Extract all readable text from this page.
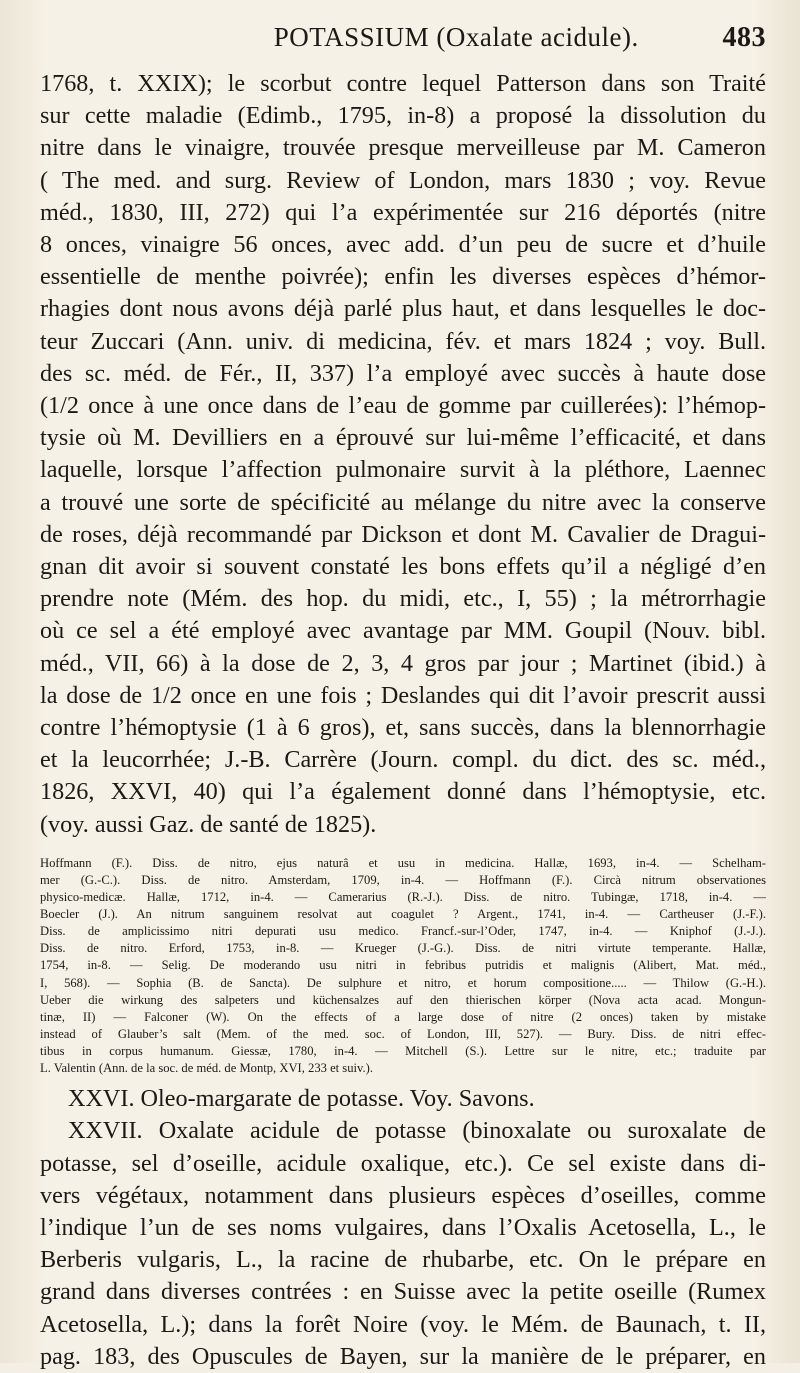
POTASSIUM (Oxalate acidule).	483
1768, t. XXIX); le scorbut contre lequel Patterson dans son Traité
sur cette maladie (Edimb., 1795, in-8) a proposé la dissolution du
nitre dans le vinaigre, trouvée presque merveilleuse par M. Cameron
( The med. and surg. Review of London, mars 1830 ; voy. Revue
méd., 1830, III, 272) qui l’a expérimentée sur 216 déportés (nitre
8 onces, vinaigre 56 onces, avec add. d’un peu de sucre et d’huile
essentielle de menthe poivrée); enfin les diverses espèces d’hémor-
rhagies dont nous avons déjà parlé plus haut, et dans lesquelles le doc-
teur Zuccari (Ann. univ. di medicina, fév. et mars 1824 ; voy. Bull.
des sc. méd. de Fér., II, 337) l’a employé avec succès à haute dose
(1/2 once à une once dans de l’eau de gomme par cuillerées): l’hémop-
tysie où M. Devilliers en a éprouvé sur lui-même l’efficacité, et dans
laquelle, lorsque l’affection pulmonaire survit à la pléthore, Laennec
a trouvé une sorte de spécificité au mélange du nitre avec la conserve
de roses, déjà recommandé par Dickson et dont M. Cavalier de Dragui-
gnan dit avoir si souvent constaté les bons effets qu’il a négligé d’en
prendre note (Mém. des hop. du midi, etc., I, 55) ; la métrorrhagie
où ce sel a été employé avec avantage par MM. Goupil (Nouv. bibl.
méd., VII, 66) à la dose de 2, 3, 4 gros par jour ; Martinet (ibid.) à
la dose de 1/2 once en une fois ; Deslandes qui dit l’avoir prescrit aussi
contre l’hémoptysie (1 à 6 gros), et, sans succès, dans la blennorrhagie
et la leucorrhée; J.-B. Carrère (Journ. compl. du dict. des sc. méd.,
1826, XXVI, 40) qui l’a également donné dans l’hémoptysie, etc.
(voy. aussi Gaz. de santé de 1825).
Hoffmann (F.). Diss. de nitro, ejus naturâ et usu in medicina. Hallæ, 1693, in-4. — Schelham-
mer (G.-C.). Diss. de nitro. Amsterdam, 1709, in-4. — Hoffmann (F.). Circà nitrum observationes
physico-medicæ. Hallæ, 1712, in-4. — Camerarius (R.-J.). Diss. de nitro. Tubingæ, 1718, in-4. —
Boecler (J.). An nitrum sanguinem resolvat aut coagulet ? Argent., 1741, in-4. — Cartheuser (J.-F.).
Diss. de amplicissimo nitri depurati usu medico. Francf.-sur-l’Oder, 1747, in-4. — Kniphof (J.-J.).
Diss. de nitro. Erford, 1753, in-8. — Krueger (J.-G.). Diss. de nitri virtute temperante. Hallæ,
1754, in-8. — Selig. De moderando usu nitri in febribus putridis et malignis (Alibert, Mat. méd.,
I, 568). — Sophia (B. de Sancta). De sulphure et nitro, et horum compositione..... — Thilow (G.-H.).
Ueber die wirkung des salpeters und küchensalzes auf den thierischen körper (Nova acta acad. Mongun-
tinæ, II) — Falconer (W). On the effects of a large dose of nitre (2 onces) taken by mistake
instead of Glauber’s salt (Mem. of the med. soc. of London, III, 527). — Bury. Diss. de nitri effec-
tibus in corpus humanum. Giessæ, 1780, in-4. — Mitchell (S.). Lettre sur le nitre, etc.; traduite par
L. Valentin (Ann. de la soc. de méd. de Montp, XVI, 233 et suiv.).
XXVI. Oleo-margarate de potasse. Voy. Savons.
XXVII. Oxalate acidule de potasse (binoxalate ou suroxalate de
potasse, sel d’oseille, acidule oxalique, etc.). Ce sel existe dans di-
vers végétaux, notamment dans plusieurs espèces d’oseilles, comme
l’indique l’un de ses noms vulgaires, dans l’Oxalis Acetosella, L., le
Berberis vulgaris, L., la racine de rhubarbe, etc. On le prépare en
grand dans diverses contrées : en Suisse avec la petite oseille (Rumex
Acetosella, L.); dans la forêt Noire (voy. le Mém. de Baunach, t. II,
pag. 183, des Opuscules de Bayen, sur la manière de le préparer, en
